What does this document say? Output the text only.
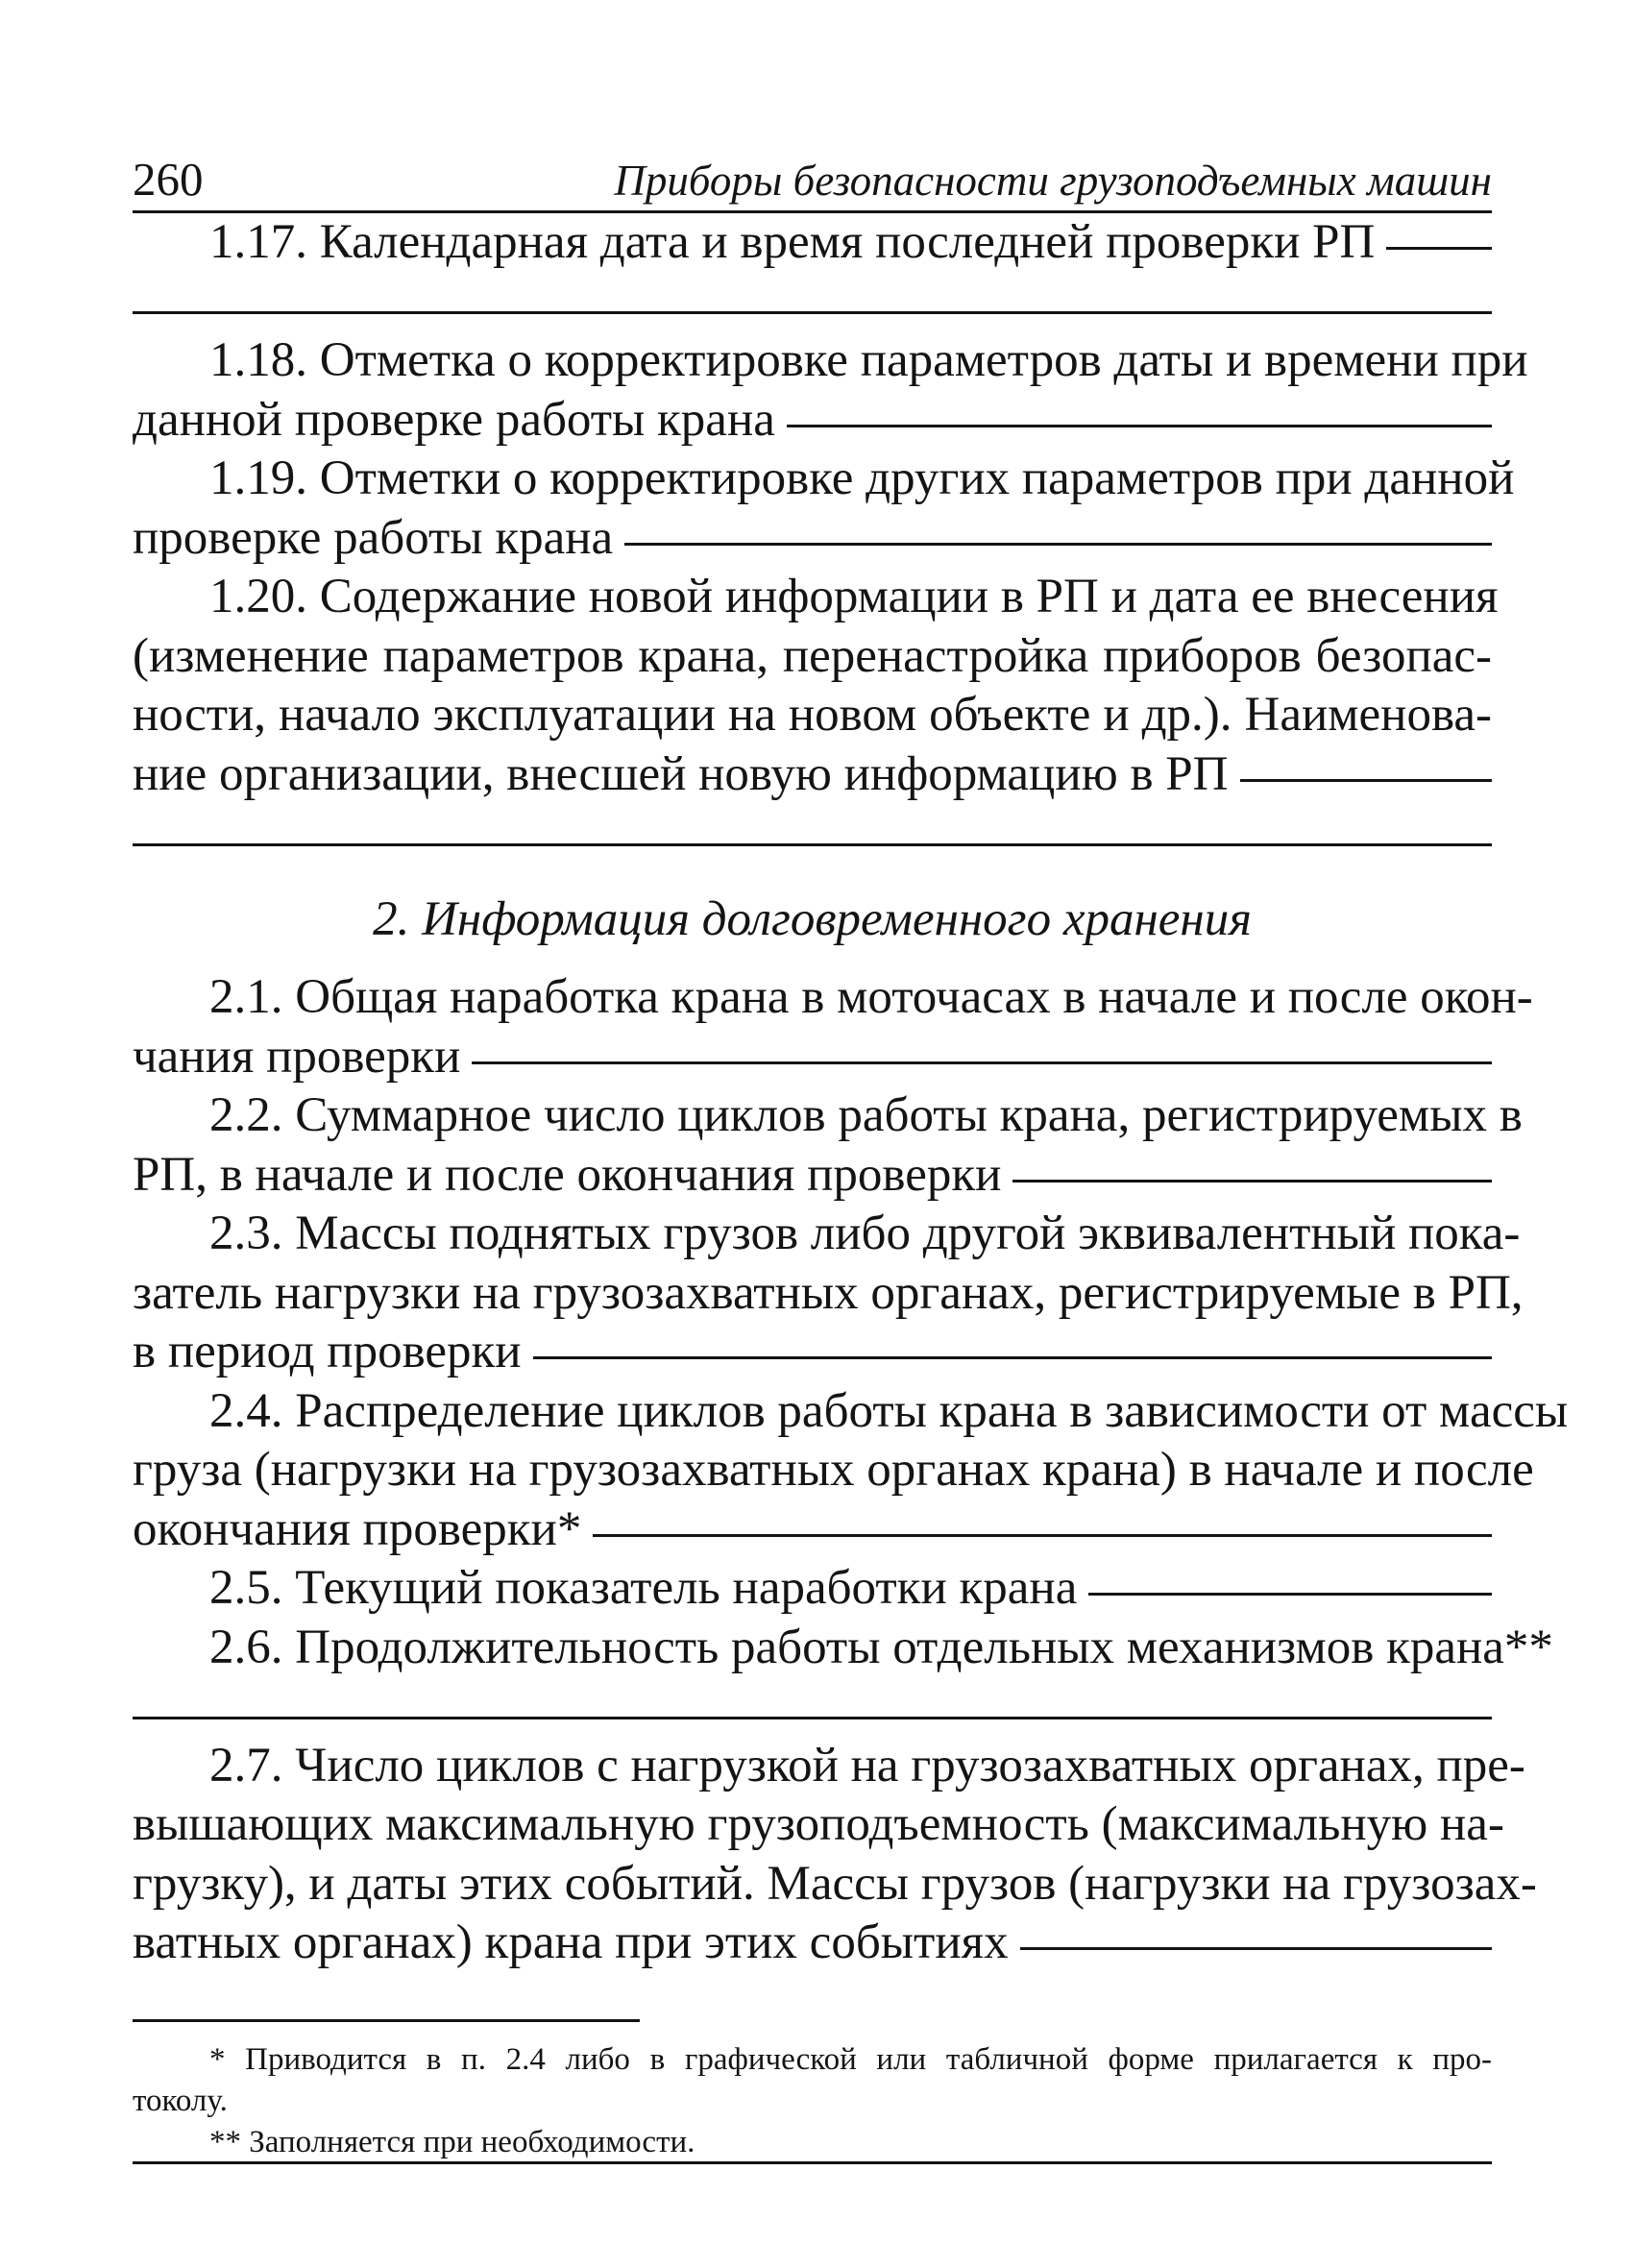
260	Приборы безопасности грузоподъемных машин
1.17. Календарная дата и время последней проверки РП
1.18. Отметка о корректировке параметров даты и времени при
данной проверке работы крана
1.19. Отметки о корректировке других параметров при данной
проверке работы крана
1.20. Содержание новой информации в РП и дата ее внесения
(изменение параметров крана, перенастройка приборов безопас-
ности, начало эксплуатации на новом объекте и др.). Наименова-
ние организации, внесшей новую информацию в РП
2. Информация долговременного хранения
2.1. Общая наработка крана в моточасах в начале и после окон-
чания проверки
2.2. Суммарное число циклов работы крана, регистрируемых в
РП, в начале и после окончания проверки
2.3. Массы поднятых грузов либо другой эквивалентный пока-
затель нагрузки на грузозахватных органах, регистрируемые в РП,
в период проверки
2.4. Распределение циклов работы крана в зависимости от массы
груза (нагрузки на грузозахватных органах крана) в начале и после
окончания проверки*
2.5. Текущий показатель наработки крана
2.6. Продолжительность работы отдельных механизмов крана**
2.7. Число циклов с нагрузкой на грузозахватных органах, пре-
вышающих максимальную грузоподъемность (максимальную на-
грузку), и даты этих событий. Массы грузов (нагрузки на грузозах-
ватных органах) крана при этих событиях
* Приводится в п. 2.4 либо в графической или табличной форме прилагается к про-
токолу.
** Заполняется при необходимости.
